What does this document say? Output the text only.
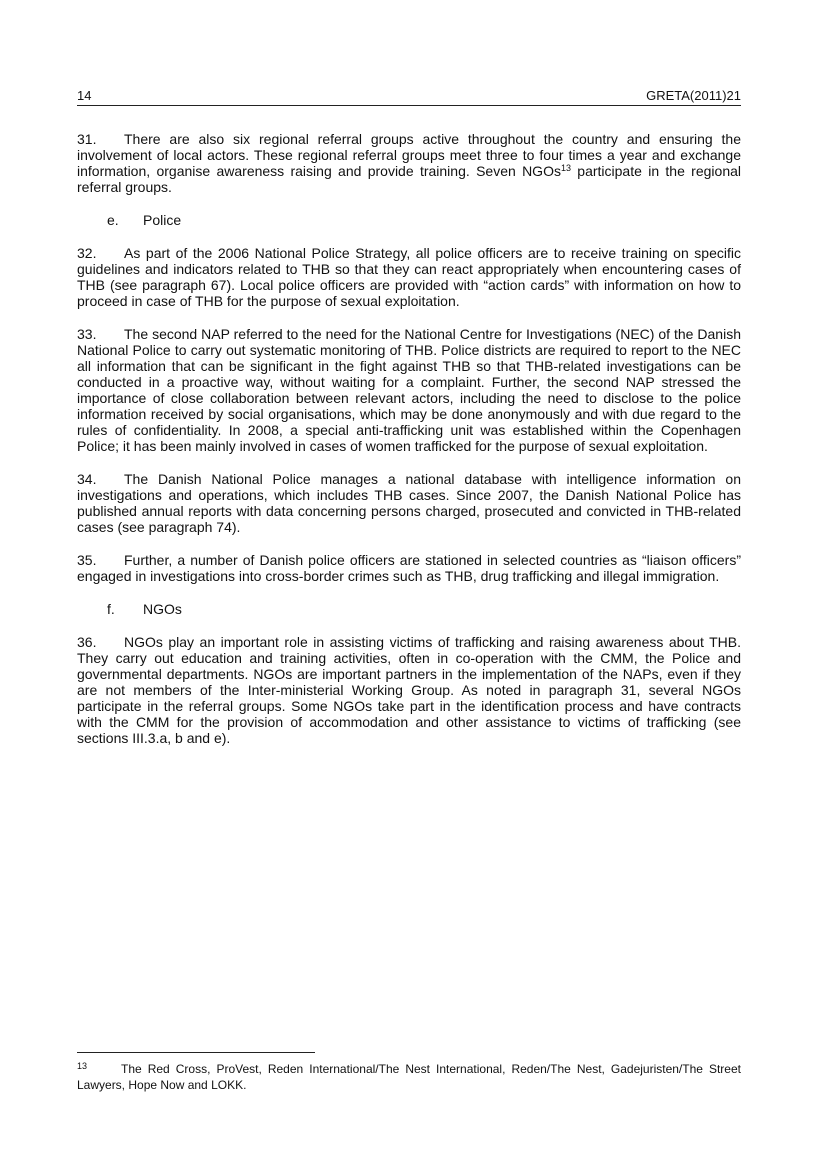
14	GRETA(2011)21

31. There are also six regional referral groups active throughout the country and ensuring the involvement of local actors. These regional referral groups meet three to four times a year and exchange information, organise awareness raising and provide training. Seven NGOs$^{13}$ participate in the regional referral groups.

e. Police

32. As part of the 2006 National Police Strategy, all police officers are to receive training on specific guidelines and indicators related to THB so that they can react appropriately when encountering cases of THB (see paragraph 67). Local police officers are provided with “action cards” with information on how to proceed in case of THB for the purpose of sexual exploitation.

33. The second NAP referred to the need for the National Centre for Investigations (NEC) of the Danish National Police to carry out systematic monitoring of THB. Police districts are required to report to the NEC all information that can be significant in the fight against THB so that THB-related investigations can be conducted in a proactive way, without waiting for a complaint. Further, the second NAP stressed the importance of close collaboration between relevant actors, including the need to disclose to the police information received by social organisations, which may be done anonymously and with due regard to the rules of confidentiality. In 2008, a special anti-trafficking unit was established within the Copenhagen Police; it has been mainly involved in cases of women trafficked for the purpose of sexual exploitation.

34. The Danish National Police manages a national database with intelligence information on investigations and operations, which includes THB cases. Since 2007, the Danish National Police has published annual reports with data concerning persons charged, prosecuted and convicted in THB-related cases (see paragraph 74).

35. Further, a number of Danish police officers are stationed in selected countries as “liaison officers” engaged in investigations into cross-border crimes such as THB, drug trafficking and illegal immigration.

f. NGOs

36. NGOs play an important role in assisting victims of trafficking and raising awareness about THB. They carry out education and training activities, often in co-operation with the CMM, the Police and governmental departments. NGOs are important partners in the implementation of the NAPs, even if they are not members of the Inter-ministerial Working Group. As noted in paragraph 31, several NGOs participate in the referral groups. Some NGOs take part in the identification process and have contracts with the CMM for the provision of accommodation and other assistance to victims of trafficking (see sections III.3.a, b and e).

13	The Red Cross, ProVest, Reden International/The Nest International, Reden/The Nest, Gadejuristen/The Street Lawyers, Hope Now and LOKK.
